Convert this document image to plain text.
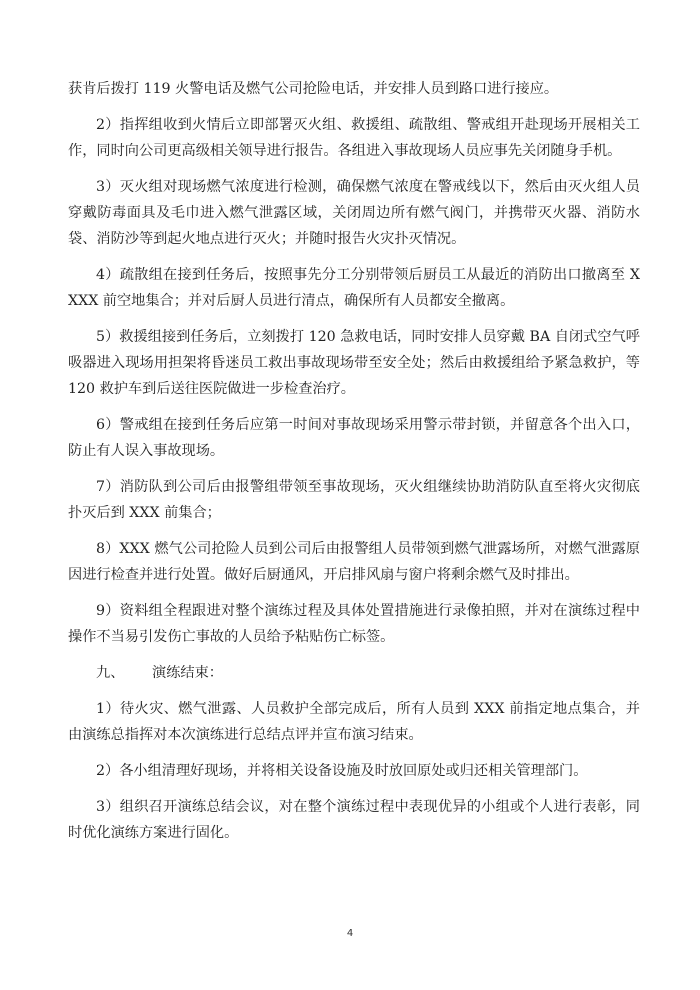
获肯后拨打 119 火警电话及燃气公司抢险电话，并安排人员到路口进行接应。

2）指挥组收到火情后立即部署灭火组、救援组、疏散组、警戒组开赴现场开展相关工作，同时向公司更高级相关领导进行报告。各组进入事故现场人员应事先关闭随身手机。

3）灭火组对现场燃气浓度进行检测，确保燃气浓度在警戒线以下，然后由灭火组人员穿戴防毒面具及毛巾进入燃气泄露区域，关闭周边所有燃气阀门，并携带灭火器、消防水袋、消防沙等到起火地点进行灭火；并随时报告火灾扑灭情况。

4）疏散组在接到任务后，按照事先分工分别带领后厨员工从最近的消防出口撤离至 XXXX 前空地集合；并对后厨人员进行清点，确保所有人员都安全撤离。

5）救援组接到任务后，立刻拨打 120 急救电话，同时安排人员穿戴 BA 自闭式空气呼吸器进入现场用担架将昏迷员工救出事故现场带至安全处；然后由救援组给予紧急救护，等 120 救护车到后送往医院做进一步检查治疗。

6）警戒组在接到任务后应第一时间对事故现场采用警示带封锁，并留意各个出入口，防止有人误入事故现场。

7）消防队到公司后由报警组带领至事故现场，灭火组继续协助消防队直至将火灾彻底扑灭后到 XXX 前集合；

8）XXX 燃气公司抢险人员到公司后由报警组人员带领到燃气泄露场所，对燃气泄露原因进行检查并进行处置。做好后厨通风，开启排风扇与窗户将剩余燃气及时排出。

9）资料组全程跟进对整个演练过程及具体处置措施进行录像拍照，并对在演练过程中操作不当易引发伤亡事故的人员给予粘贴伤亡标签。

九、 演练结束：

1）待火灾、燃气泄露、人员救护全部完成后，所有人员到 XXX 前指定地点集合，并由演练总指挥对本次演练进行总结点评并宣布演习结束。

2）各小组清理好现场，并将相关设备设施及时放回原处或归还相关管理部门。

3）组织召开演练总结会议，对在整个演练过程中表现优异的小组或个人进行表彰，同时优化演练方案进行固化。

4
